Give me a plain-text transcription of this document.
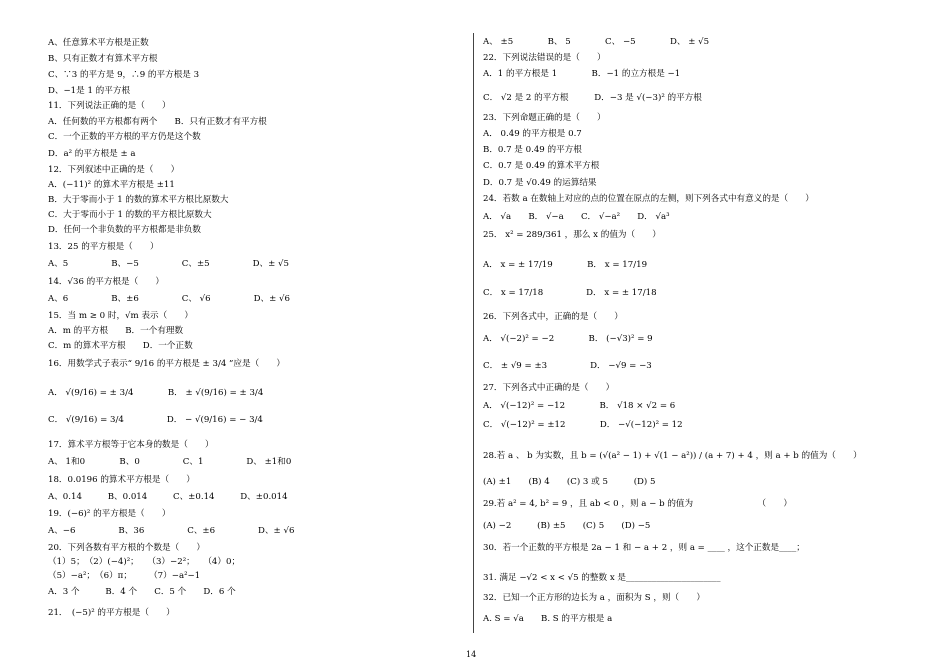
A、任意算术平方根是正数
B、只有正数才有算术平方根
C、∵3 的平方是 9，∴9 的平方根是 3
D、−1是 1 的平方根
11．下列说法正确的是（　　）
A．任何数的平方根都有两个　　B．只有正数才有平方根
C．一个正数的平方根的平方仍是这个数
D．a² 的平方根是 ± a
12．下列叙述中正确的是（　　）
A．(−11)² 的算术平方根是 ±11
B．大于零而小于 1 的数的算术平方根比原数大
C．大于零而小于 1 的数的平方根比原数大
D．任何一个非负数的平方根都是非负数
13．25 的平方根是（　　）
A、5　　　　　B、−5　　　　　C、±5　　　　　D、± √5
14．√36 的平方根是（　　）
A、6　　　　　B、±6　　　　　C、 √6　　　　　D、± √6
15．当 m ≥ 0 时，√m 表示（　　）
A．m 的平方根　　B．一个有理数
C．m 的算术平方根　　D．一个正数
16．用数学式子表示“ 9/16 的平方根是 ± 3/4 ”应是（　　）
A． √(9/16) = ± 3/4　　　　B． ± √(9/16) = ± 3/4
C． √(9/16) = 3/4　　　　　D． − √(9/16) = − 3/4
17．算术平方根等于它本身的数是（　　）
A、 1和0　　　　B、0　　　　　C、1　　　　　D、 ±1和0
18．0.0196 的算术平方根是（　　）
A、0.14　　　B、0.014　　　C、±0.14　　　D、±0.014
19．(−6)² 的平方根是（　　）
A、−6　　　　　B、36　　　　　C、±6　　　　　D、± √6
20．下列各数有平方根的个数是（　　）
（1）5；　（2）(−4)²；　　（3）−2²；　　（4）0；
（5）−a²；　（6）π；　　　（7）−a²−1
A．3 个　　　B．4 个　　C．5 个　　D．6 个
21．　(−5)² 的平方根是（　　）
A、 ±5　　　　B、 5　　　　C、 −5　　　　D、 ± √5
22．下列说法错误的是（　　）
A．1 的平方根是 1　　　　B．−1 的立方根是 −1
C． √2 是 2 的平方根　　　D．−3 是 √(−3)² 的平方根
23．下列命题正确的是（　　）
A． 0.49 的平方根是 0.7
B．0.7 是 0.49 的平方根
C．0.7 是 0.49 的算术平方根
D．0.7 是 √0.49 的运算结果
24．若数 a 在数轴上对应的点的位置在原点的左侧，则下列各式中有意义的是（　　）
A． √a　　B． √−a　　C． √−a²　　D． √a³
25． x² = 289/361 ，那么 x 的值为（　　）
A． x = ± 17/19　　　　B． x = 17/19
C． x = 17/18　　　　　D． x = ± 17/18
26．下列各式中，正确的是（　　）
A． √(−2)² = −2　　　　B． (−√3)² = 9
C． ± √9 = ±3　　　　　D． −√9 = −3
27．下列各式中正确的是（　　）
A． √(−12)² = −12　　　　B． √18 × √2 = 6
C． √(−12)² = ±12　　　　D． −√(−12)² = 12
28.若 a 、 b 为实数，且 b = (√(a² − 1) + √(1 − a²)) / (a + 7) + 4 ，则 a + b 的值为（　　）
(A) ±1　　(B) 4　　(C) 3 或 5　　　(D) 5
29.若 a² = 4, b² = 9 ，且 ab < 0 ，则 a − b 的值为　　　　　　　　（　　）
(A) −2　　　(B) ±5　　(C) 5　　(D) −5
30．若一个正数的平方根是 2a − 1 和 − a + 2 ，则 a = ____ ，这个正数是____；
31. 满足 −√2 < x < √5 的整数 x 是______________________
32．已知一个正方形的边长为 a ，面积为 S ，则（　　）
A. S = √a　　B. S 的平方根是 a
14
